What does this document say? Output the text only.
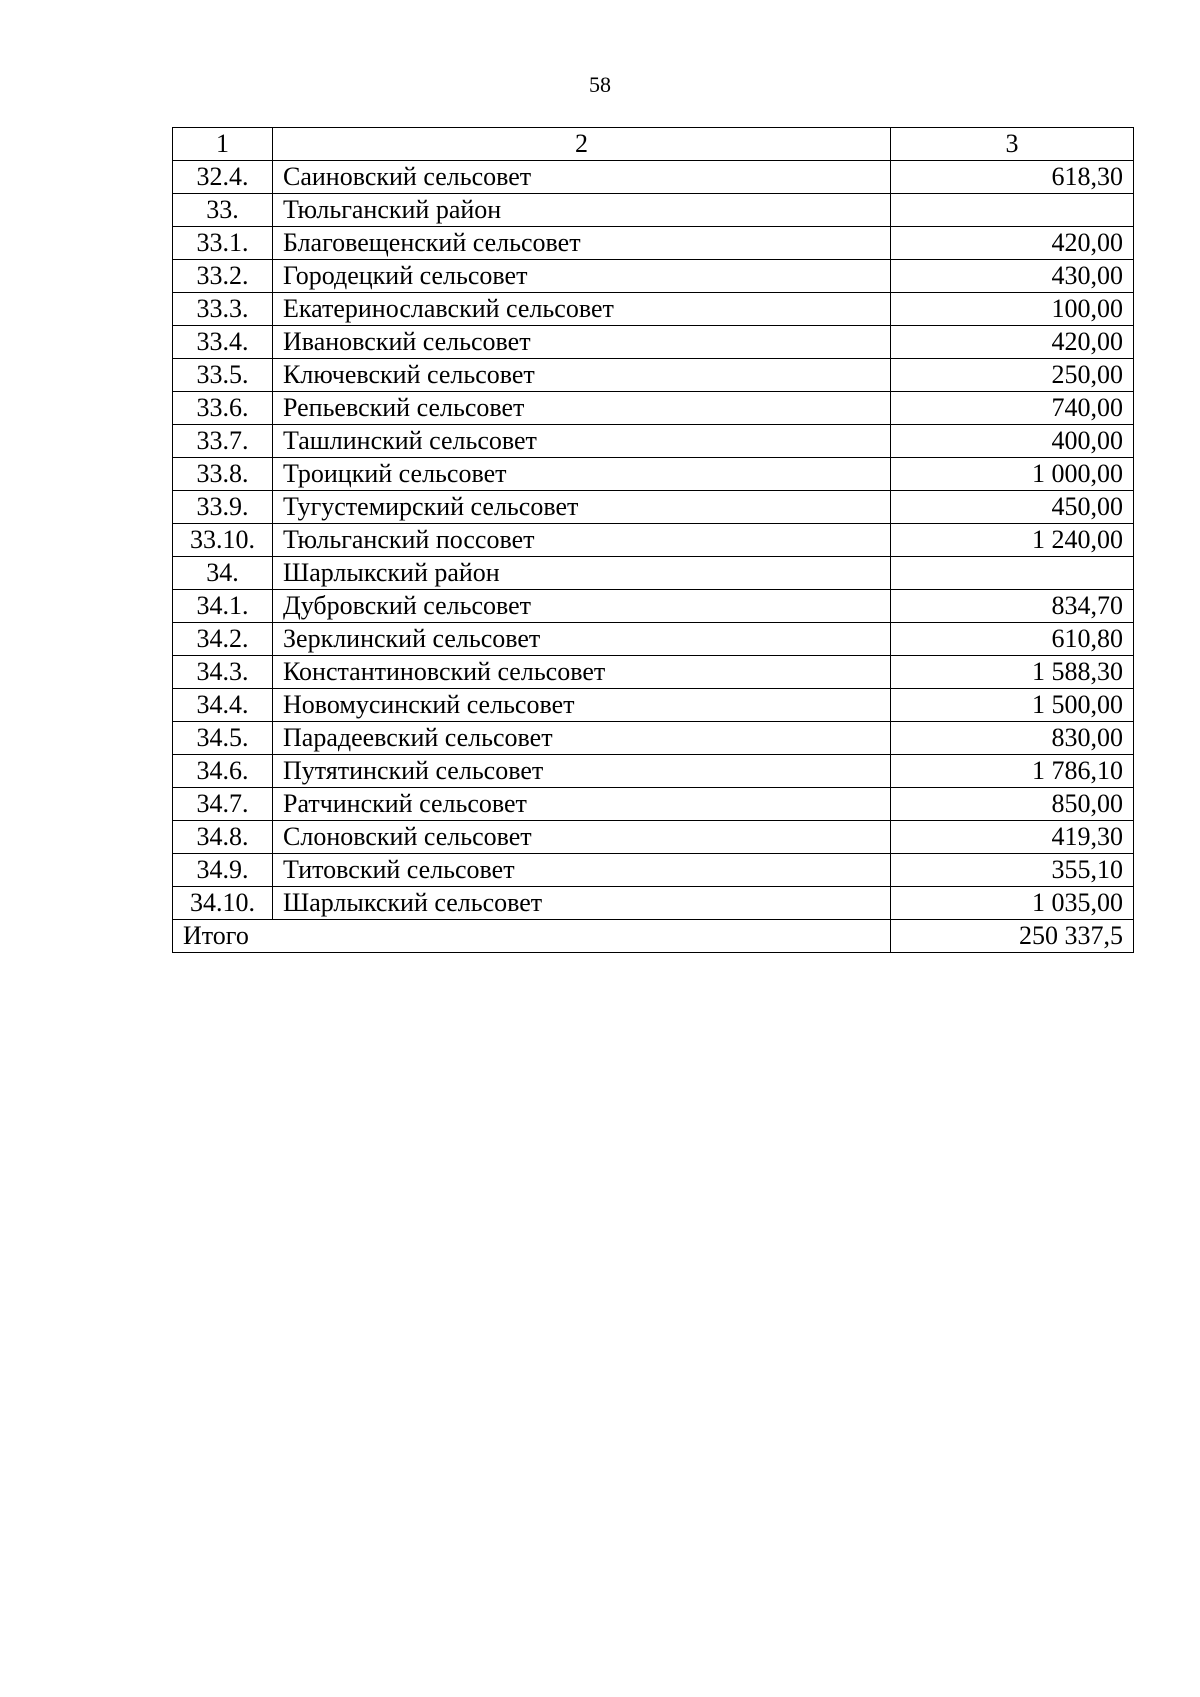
58
1	2	3
32.4.	Саиновский сельсовет	618,30
33.	Тюльганский район	
33.1.	Благовещенский сельсовет	420,00
33.2.	Городецкий сельсовет	430,00
33.3.	Екатеринославский сельсовет	100,00
33.4.	Ивановский сельсовет	420,00
33.5.	Ключевский сельсовет	250,00
33.6.	Репьевский сельсовет	740,00
33.7.	Ташлинский сельсовет	400,00
33.8.	Троицкий сельсовет	1 000,00
33.9.	Тугустемирский сельсовет	450,00
33.10.	Тюльганский поссовет	1 240,00
34.	Шарлыкский район	
34.1.	Дубровский сельсовет	834,70
34.2.	Зерклинский сельсовет	610,80
34.3.	Константиновский сельсовет	1 588,30
34.4.	Новомусинский сельсовет	1 500,00
34.5.	Парадеевский сельсовет	830,00
34.6.	Путятинский сельсовет	1 786,10
34.7.	Ратчинский сельсовет	850,00
34.8.	Слоновский сельсовет	419,30
34.9.	Титовский сельсовет	355,10
34.10.	Шарлыкский сельсовет	1 035,00
Итого		250 337,5
